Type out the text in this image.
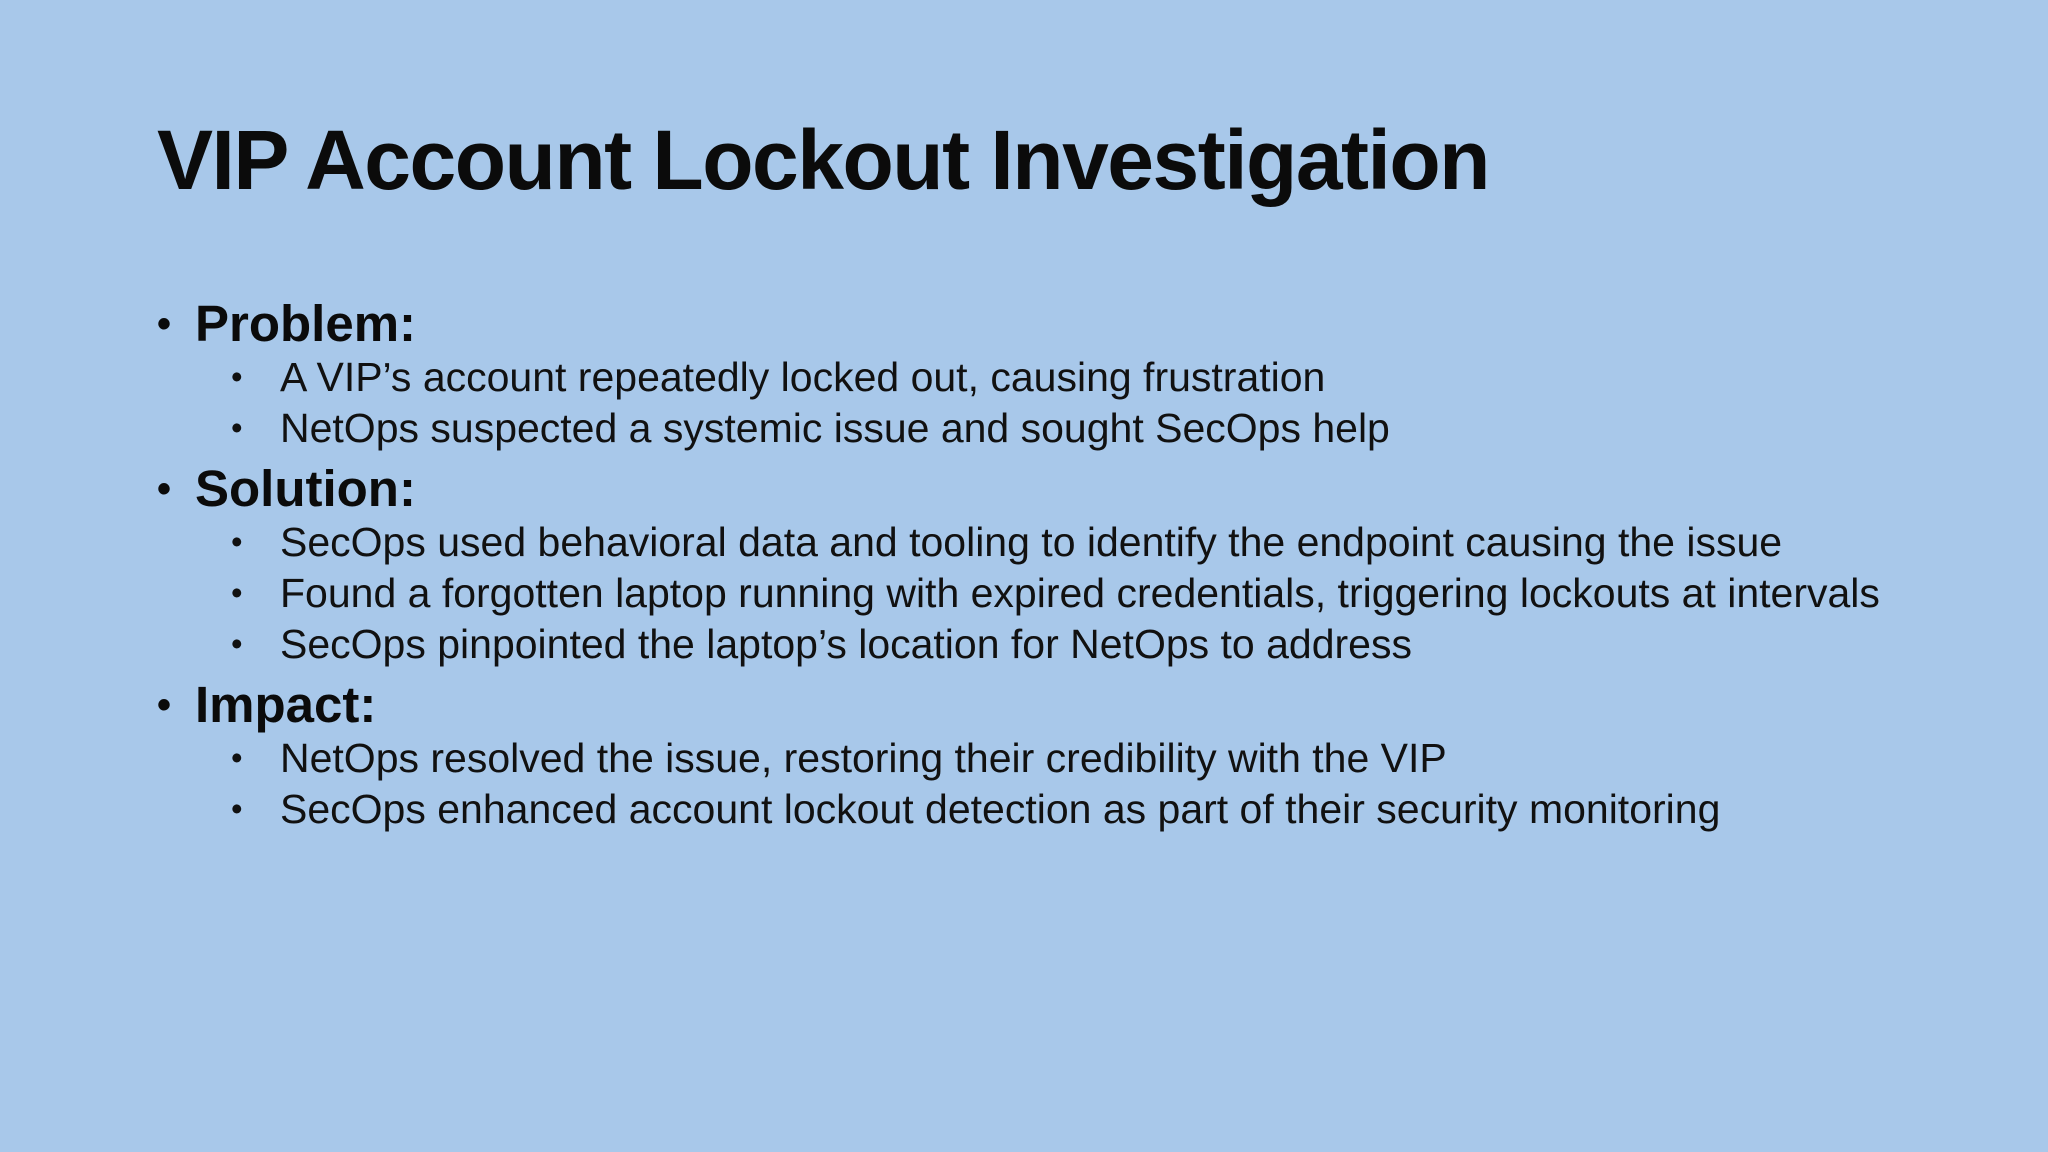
VIP Account Lockout Investigation
• Problem:
• A VIP’s account repeatedly locked out, causing frustration
• NetOps suspected a systemic issue and sought SecOps help
• Solution:
• SecOps used behavioral data and tooling to identify the endpoint causing the issue
• Found a forgotten laptop running with expired credentials, triggering lockouts at intervals
• SecOps pinpointed the laptop’s location for NetOps to address
• Impact:
• NetOps resolved the issue, restoring their credibility with the VIP
• SecOps enhanced account lockout detection as part of their security monitoring
